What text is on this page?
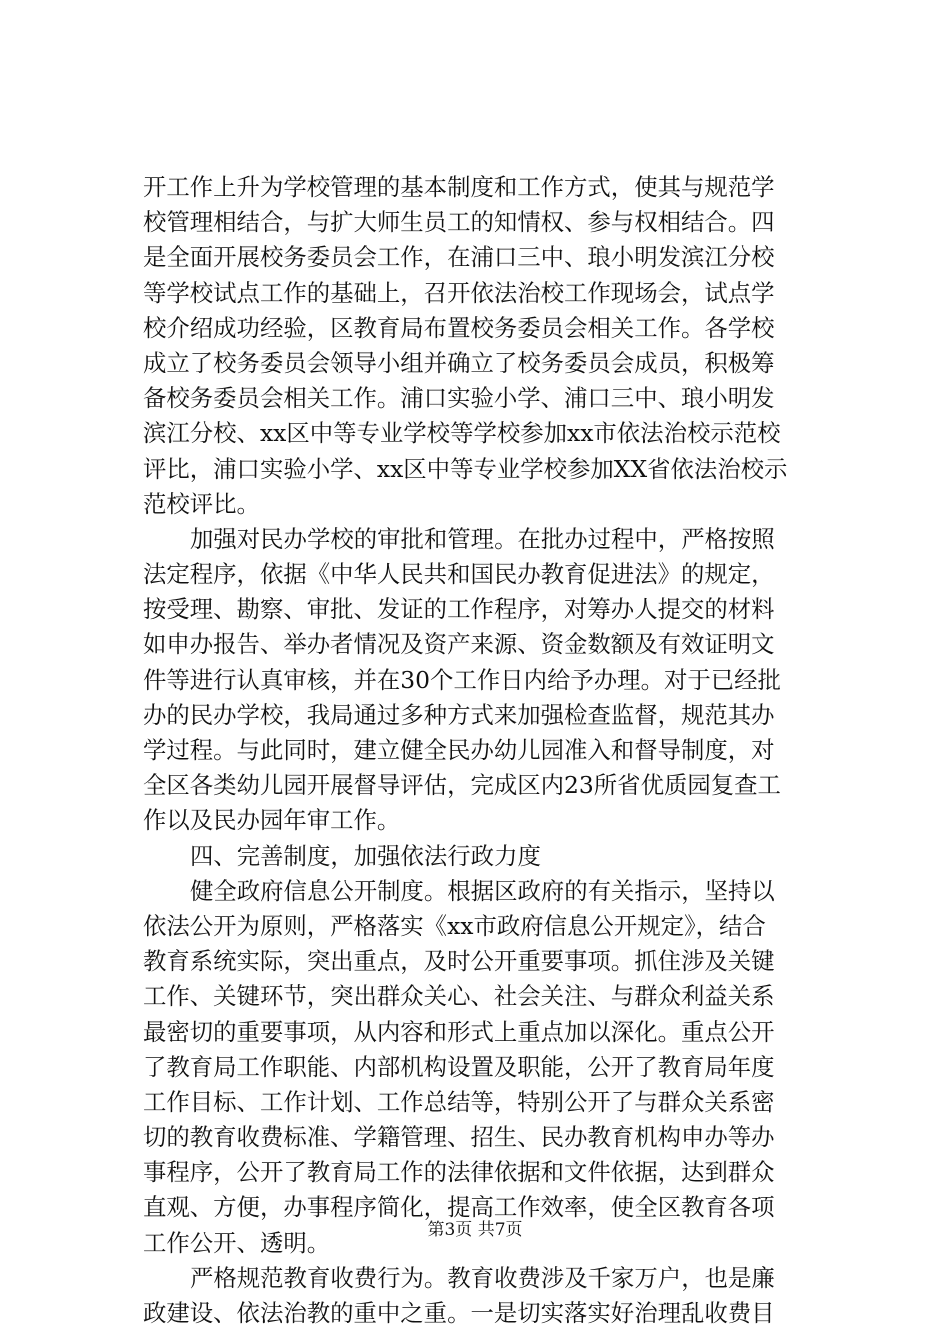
开工作上升为学校管理的基本制度和工作方式，使其与规范学
校管理相结合，与扩大师生员工的知情权、参与权相结合。四
是全面开展校务委员会工作，在浦口三中、琅小明发滨江分校
等学校试点工作的基础上，召开依法治校工作现场会，试点学
校介绍成功经验，区教育局布置校务委员会相关工作。各学校
成立了校务委员会领导小组并确立了校务委员会成员，积极筹
备校务委员会相关工作。浦口实验小学、浦口三中、琅小明发
滨江分校、xx区中等专业学校等学校参加xx市依法治校示范校
评比，浦口实验小学、xx区中等专业学校参加XX省依法治校示
范校评比。
加强对民办学校的审批和管理。在批办过程中，严格按照
法定程序，依据《中华人民共和国民办教育促进法》的规定，
按受理、勘察、审批、发证的工作程序，对筹办人提交的材料
如申办报告、举办者情况及资产来源、资金数额及有效证明文
件等进行认真审核，并在30个工作日内给予办理。对于已经批
办的民办学校，我局通过多种方式来加强检查监督，规范其办
学过程。与此同时，建立健全民办幼儿园准入和督导制度，对
全区各类幼儿园开展督导评估，完成区内23所省优质园复查工
作以及民办园年审工作。
四、完善制度，加强依法行政力度
健全政府信息公开制度。根据区政府的有关指示，坚持以
依法公开为原则，严格落实《xx市政府信息公开规定》，结合
教育系统实际，突出重点，及时公开重要事项。抓住涉及关键
工作、关键环节，突出群众关心、社会关注、与群众利益关系
最密切的重要事项，从内容和形式上重点加以深化。重点公开
了教育局工作职能、内部机构设置及职能，公开了教育局年度
工作目标、工作计划、工作总结等，特别公开了与群众关系密
切的教育收费标准、学籍管理、招生、民办教育机构申办等办
事程序，公开了教育局工作的法律依据和文件依据，达到群众
直观、方便，办事程序简化，提高工作效率，使全区教育各项
工作公开、透明。
严格规范教育收费行为。教育收费涉及千家万户，也是廉
政建设、依法治教的重中之重。一是切实落实好治理乱收费目
第3页 共7页
